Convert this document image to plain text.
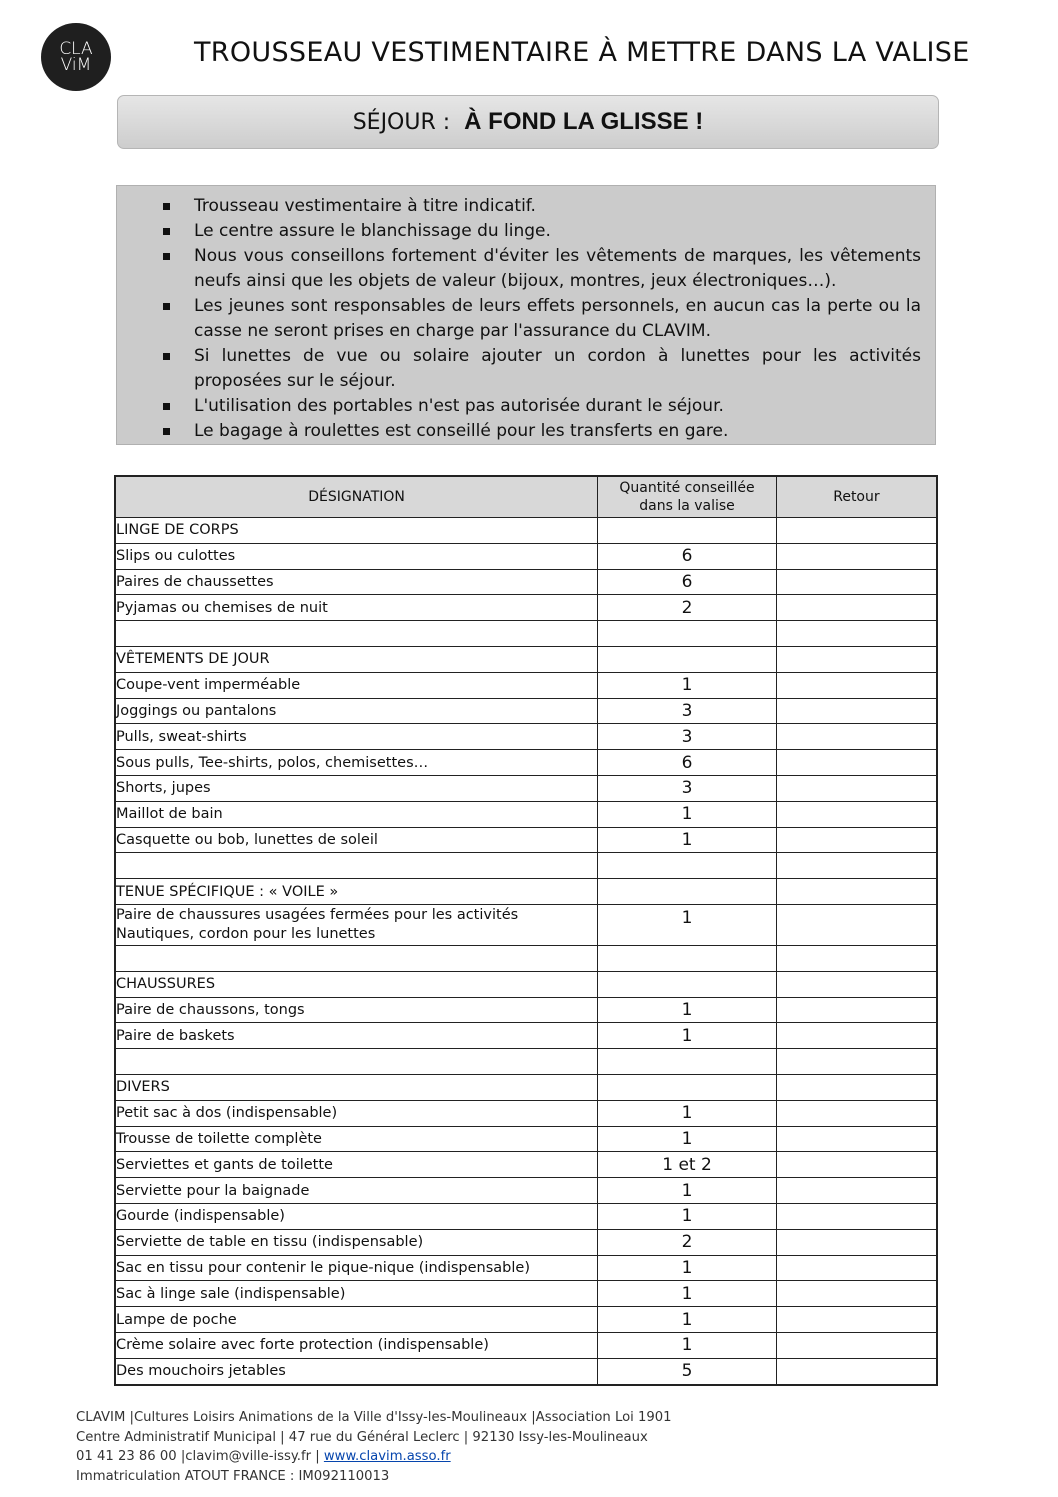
CLA
ViM	TROUSSEAU VESTIMENTAIRE À METTRE DANS LA VALISE
SÉJOUR : À FOND LA GLISSE !
Trousseau vestimentaire à titre indicatif.
Le centre assure le blanchissage du linge.
Nous vous conseillons fortement d'éviter les vêtements de marques, les vêtements neufs ainsi que les objets de valeur (bijoux, montres, jeux électroniques…).
Les jeunes sont responsables de leurs effets personnels, en aucun cas la perte ou la casse ne seront prises en charge par l'assurance du CLAVIM.
Si lunettes de vue ou solaire ajouter un cordon à lunettes pour les activités proposées sur le séjour.
L'utilisation des portables n'est pas autorisée durant le séjour.
Le bagage à roulettes est conseillé pour les transferts en gare.
DÉSIGNATION	Quantité conseillée dans la valise	Retour
LINGE DE CORPS		
Slips ou culottes	6	
Paires de chaussettes	6	
Pyjamas ou chemises de nuit	2	

VÊTEMENTS DE JOUR		
Coupe-vent imperméable	1	
Joggings ou pantalons	3	
Pulls, sweat-shirts	3	
Sous pulls, Tee-shirts, polos, chemisettes…	6	
Shorts, jupes	3	
Maillot de bain	1	
Casquette ou bob, lunettes de soleil	1	

TENUE SPÉCIFIQUE : « VOILE »		
Paire de chaussures usagées fermées pour les activités Nautiques, cordon pour les lunettes	1	

CHAUSSURES		
Paire de chaussons, tongs	1	
Paire de baskets	1	

DIVERS		
Petit sac à dos (indispensable)	1	
Trousse de toilette complète	1	
Serviettes et gants de toilette	1 et 2	
Serviette pour la baignade	1	
Gourde (indispensable)	1	
Serviette de table en tissu (indispensable)	2	
Sac en tissu pour contenir le pique-nique (indispensable)	1	
Sac à linge sale (indispensable)	1	
Lampe de poche	1	
Crème solaire avec forte protection (indispensable)	1	
Des mouchoirs jetables	5	
CLAVIM |Cultures Loisirs Animations de la Ville d'Issy-les-Moulineaux |Association Loi 1901
Centre Administratif Municipal | 47 rue du Général Leclerc | 92130 Issy-les-Moulineaux
01 41 23 86 00 |clavim@ville-issy.fr | www.clavim.asso.fr
Immatriculation ATOUT FRANCE : IM092110013
